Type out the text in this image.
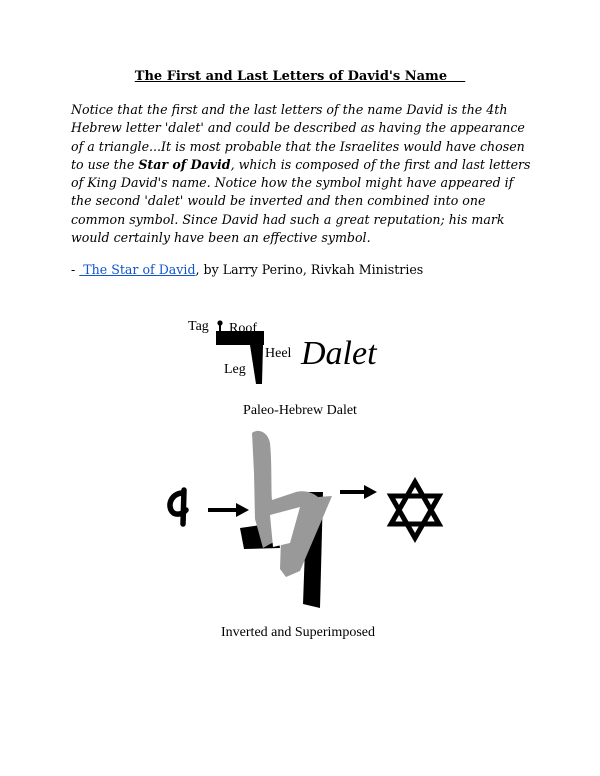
The First and Last Letters of David's Name
Notice that the first and the last letters of the name David is the 4th
Hebrew letter 'dalet' and could be described as having the appearance
of a triangle...It is most probable that the Israelites would have chosen
to use the Star of David, which is composed of the first and last letters
of King David's name. Notice how the symbol might have appeared if
the second 'dalet' would be inverted and then combined into one
common symbol. Since David had such a great reputation; his mark
would certainly have been an effective symbol.
-  The Star of David, by Larry Perino, Rivkah Ministries
Tag Roof
Heel
Leg Dalet
Paleo-Hebrew Dalet
Inverted and Superimposed
